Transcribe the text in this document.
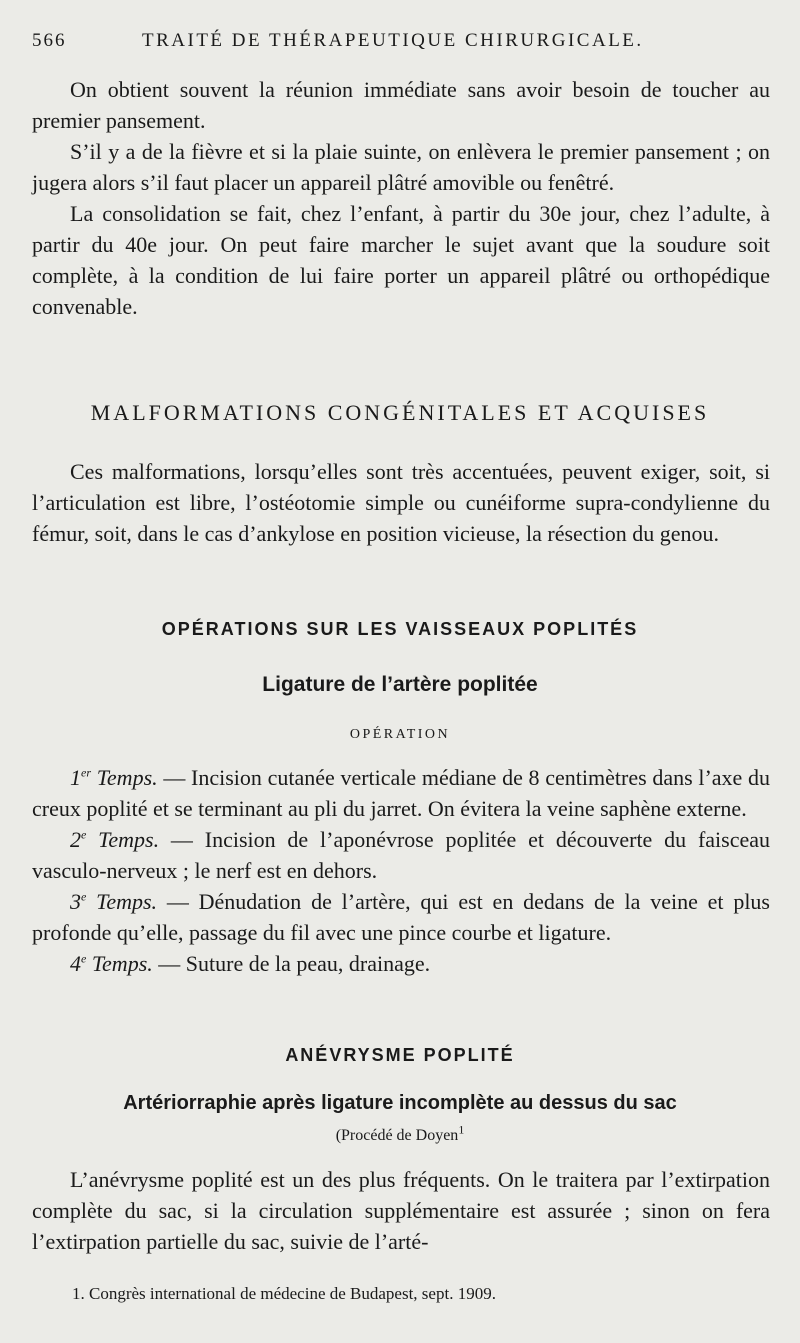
566	TRAITÉ DE THÉRAPEUTIQUE CHIRURGICALE.

On obtient souvent la réunion immédiate sans avoir besoin de toucher au premier pansement.

S’il y a de la fièvre et si la plaie suinte, on enlèvera le premier pansement ; on jugera alors s’il faut placer un appareil plâtré amovible ou fenêtré.

La consolidation se fait, chez l’enfant, à partir du 30e jour, chez l’adulte, à partir du 40e jour. On peut faire marcher le sujet avant que la soudure soit complète, à la condition de lui faire porter un appareil plâtré ou orthopédique convenable.

MALFORMATIONS CONGÉNITALES ET ACQUISES

Ces malformations, lorsqu’elles sont très accentuées, peuvent exiger, soit, si l’articulation est libre, l’ostéotomie simple ou cunéiforme supra-condylienne du fémur, soit, dans le cas d’ankylose en position vicieuse, la résection du genou.

OPÉRATIONS SUR LES VAISSEAUX POPLITÉS
Ligature de l’artère poplitée
OPÉRATION

1er Temps. — Incision cutanée verticale médiane de 8 centimètres dans l’axe du creux poplité et se terminant au pli du jarret. On évitera la veine saphène externe.

2e Temps. — Incision de l’aponévrose poplitée et découverte du faisceau vasculo-nerveux ; le nerf est en dehors.

3e Temps. — Dénudation de l’artère, qui est en dedans de la veine et plus profonde qu’elle, passage du fil avec une pince courbe et ligature.

4e Temps. — Suture de la peau, drainage.

ANÉVRYSME POPLITÉ
Artériorraphie après ligature incomplète au dessus du sac
(Procédé de Doyen$^1$

L’anévrysme poplité est un des plus fréquents. On le traitera par l’extirpation complète du sac, si la circulation supplémentaire est assurée ; sinon on fera l’extirpation partielle du sac, suivie de l’arté-

1. Congrès international de médecine de Budapest, sept. 1909.
